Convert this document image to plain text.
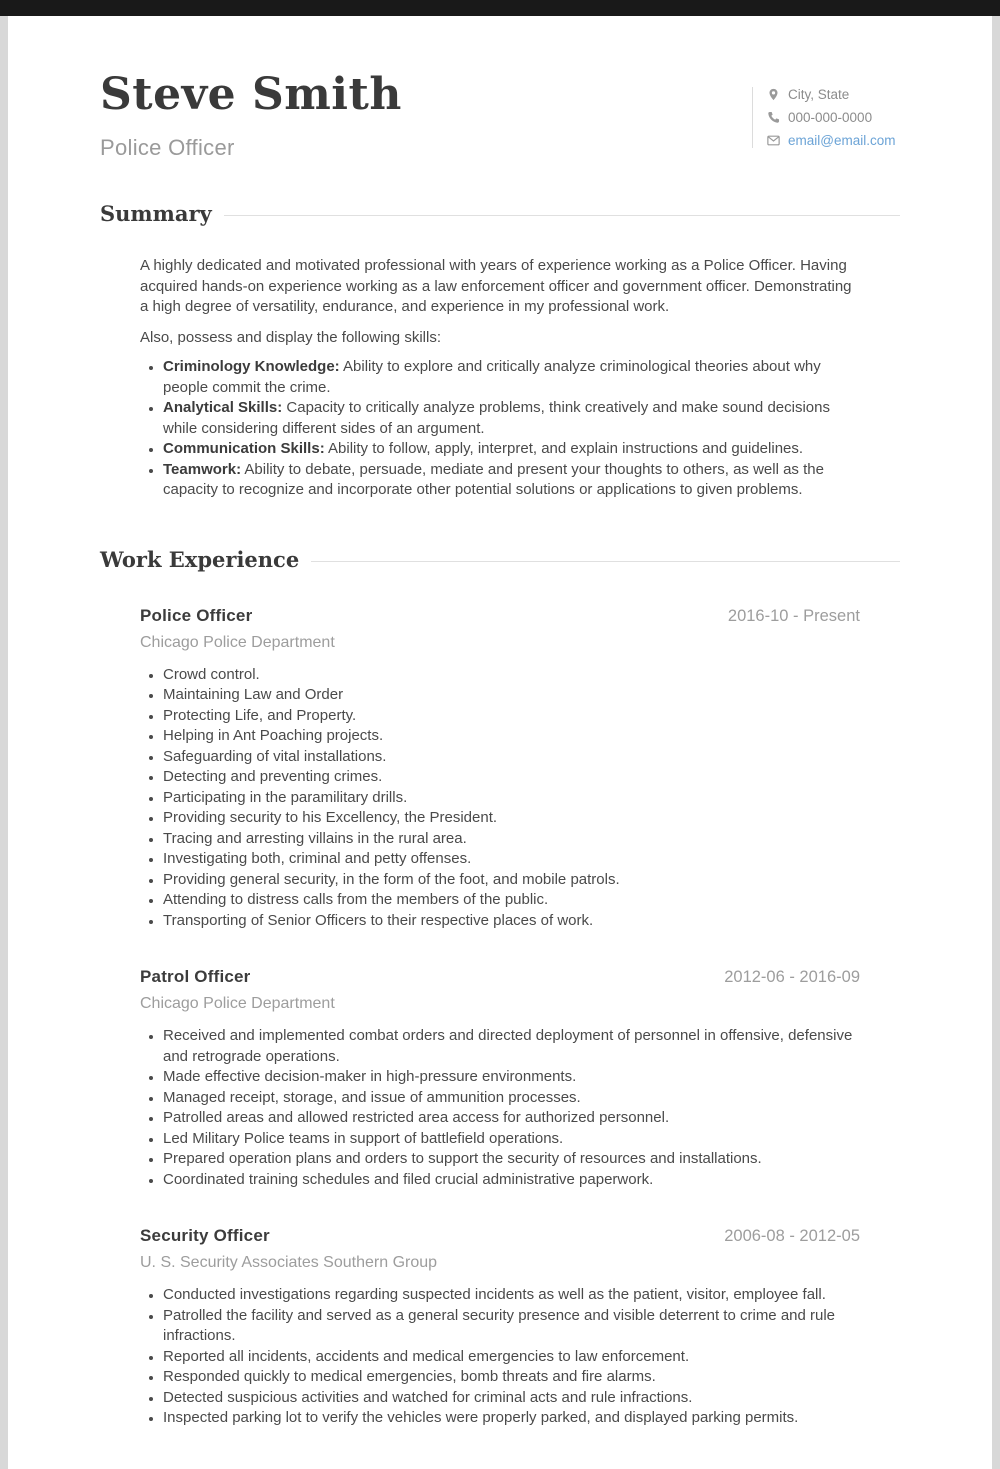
Steve Smith
Police Officer
City, State
000-000-0000
email@email.com
Summary

A highly dedicated and motivated professional with years of experience working as a Police Officer. Having acquired hands-on experience working as a law enforcement officer and government officer. Demonstrating a high degree of versatility, endurance, and experience in my professional work.

Also, possess and display the following skills:

• Criminology Knowledge: Ability to explore and critically analyze criminological theories about why people commit the crime.
• Analytical Skills: Capacity to critically analyze problems, think creatively and make sound decisions while considering different sides of an argument.
• Communication Skills: Ability to follow, apply, interpret, and explain instructions and guidelines.
• Teamwork: Ability to debate, persuade, mediate and present your thoughts to others, as well as the capacity to recognize and incorporate other potential solutions or applications to given problems.
Work Experience
Police Officer	2016-10 - Present
Chicago Police Department
• Crowd control.
• Maintaining Law and Order
• Protecting Life, and Property.
• Helping in Ant Poaching projects.
• Safeguarding of vital installations.
• Detecting and preventing crimes.
• Participating in the paramilitary drills.
• Providing security to his Excellency, the President.
• Tracing and arresting villains in the rural area.
• Investigating both, criminal and petty offenses.
• Providing general security, in the form of the foot, and mobile patrols.
• Attending to distress calls from the members of the public.
• Transporting of Senior Officers to their respective places of work.
Patrol Officer	2012-06 - 2016-09
Chicago Police Department
• Received and implemented combat orders and directed deployment of personnel in offensive, defensive and retrograde operations.
• Made effective decision-maker in high-pressure environments.
• Managed receipt, storage, and issue of ammunition processes.
• Patrolled areas and allowed restricted area access for authorized personnel.
• Led Military Police teams in support of battlefield operations.
• Prepared operation plans and orders to support the security of resources and installations.
• Coordinated training schedules and filed crucial administrative paperwork.
Security Officer	2006-08 - 2012-05
U. S. Security Associates Southern Group
• Conducted investigations regarding suspected incidents as well as the patient, visitor, employee fall.
• Patrolled the facility and served as a general security presence and visible deterrent to crime and rule infractions.
• Reported all incidents, accidents and medical emergencies to law enforcement.
• Responded quickly to medical emergencies, bomb threats and fire alarms.
• Detected suspicious activities and watched for criminal acts and rule infractions.
• Inspected parking lot to verify the vehicles were properly parked, and displayed parking permits.
